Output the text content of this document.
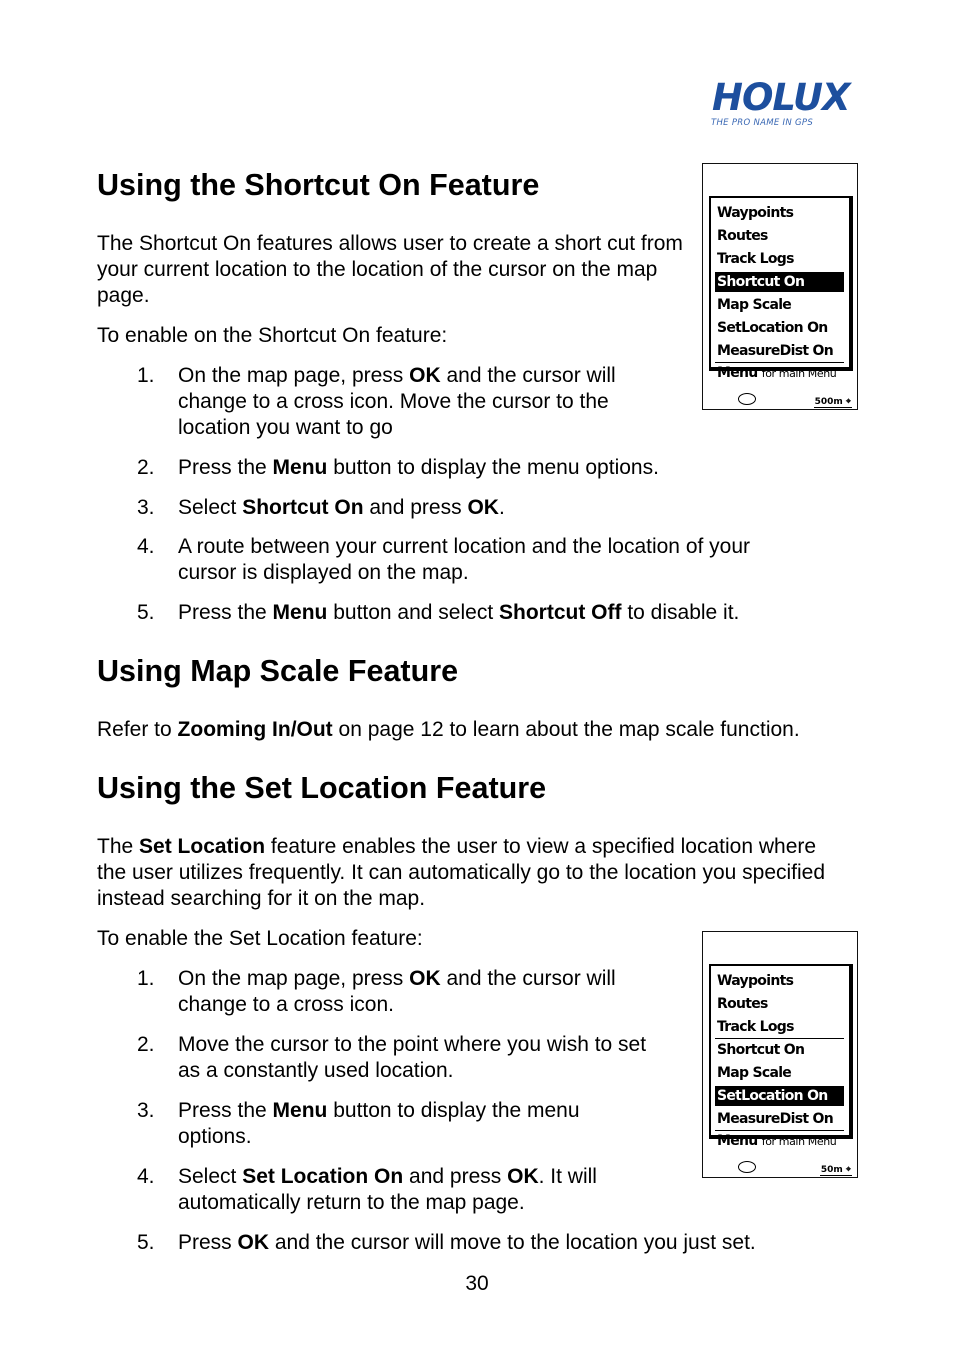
HOLUX
THE PRO NAME IN GPS
Using the Shortcut On Feature

The Shortcut On features allows user to create a short cut from your current location to the location of the cursor on the map page.

To enable on the Shortcut On feature:

1. On the map page, press OK and the cursor will change to a cross icon. Move the cursor to the location you want to go
2. Press the Menu button to display the menu options.
3. Select Shortcut On and press OK.
4. A route between your current location and the location of your cursor is displayed on the map.
5. Press the Menu button and select Shortcut Off to disable it.
Using Map Scale Feature

Refer to Zooming In/Out on page 12 to learn about the map scale function.

Using the Set Location Feature

The Set Location feature enables the user to view a specified location where the user utilizes frequently. It can automatically go to the location you specified instead searching for it on the map.

To enable the Set Location feature:

1. On the map page, press OK and the cursor will change to a cross icon.
2. Move the cursor to the point where you wish to set as a constantly used location.
3. Press the Menu button to display the menu options.
4. Select Set Location On and press OK. It will automatically return to the map page.
5. Press OK and the cursor will move to the location you just set.
Waypoints
Routes
Track Logs
Shortcut On
Map Scale
SetLocation On
MeasureDist On
Menu for main Menu
500m ⌖
Waypoints
Routes
Track Logs
Shortcut On
Map Scale
SetLocation On
MeasureDist On
Menu for main Menu
50m ⌖
30
